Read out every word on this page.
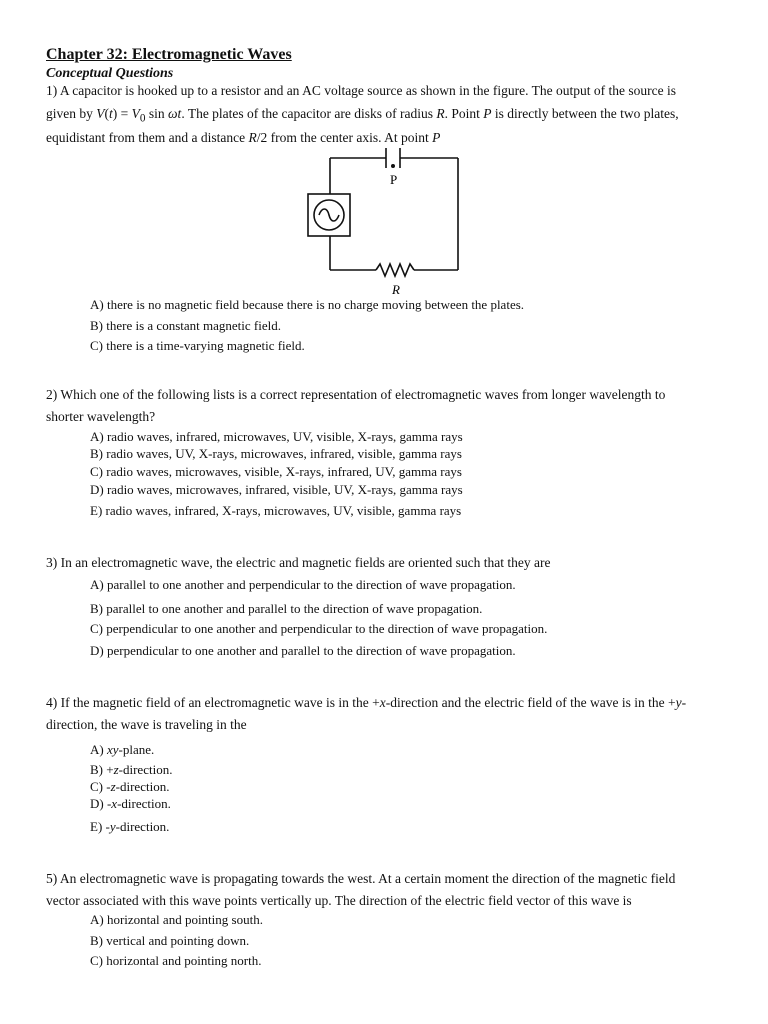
Chapter 32: Electromagnetic Waves
Conceptual Questions
1) A capacitor is hooked up to a resistor and an AC voltage source as shown in the figure. The output of the source is
given by $V(t) = V_0$ sin ωt. The plates of the capacitor are disks of radius R. Point P is directly between the two plates,
equidistant from them and a distance R/2 from the center axis. At point P
P
R
A) there is no magnetic field because there is no charge moving between the plates.
B) there is a constant magnetic field.
C) there is a time-varying magnetic field.
2) Which one of the following lists is a correct representation of electromagnetic waves from longer wavelength to
shorter wavelength?
A) radio waves, infrared, microwaves, UV, visible, X-rays, gamma rays
B) radio waves, UV, X-rays, microwaves, infrared, visible, gamma rays
C) radio waves, microwaves, visible, X-rays, infrared, UV, gamma rays
D) radio waves, microwaves, infrared, visible, UV, X-rays, gamma rays
E) radio waves, infrared, X-rays, microwaves, UV, visible, gamma rays
3) In an electromagnetic wave, the electric and magnetic fields are oriented such that they are
A) parallel to one another and perpendicular to the direction of wave propagation.
B) parallel to one another and parallel to the direction of wave propagation.
C) perpendicular to one another and perpendicular to the direction of wave propagation.
D) perpendicular to one another and parallel to the direction of wave propagation.
4) If the magnetic field of an electromagnetic wave is in the +x-direction and the electric field of the wave is in the +y-
direction, the wave is traveling in the
A) xy-plane.
B) +z-direction.
C) -z-direction.
D) -x-direction.
E) -y-direction.
5) An electromagnetic wave is propagating towards the west. At a certain moment the direction of the magnetic field
vector associated with this wave points vertically up. The direction of the electric field vector of this wave is
A) horizontal and pointing south.
B) vertical and pointing down.
C) horizontal and pointing north.
